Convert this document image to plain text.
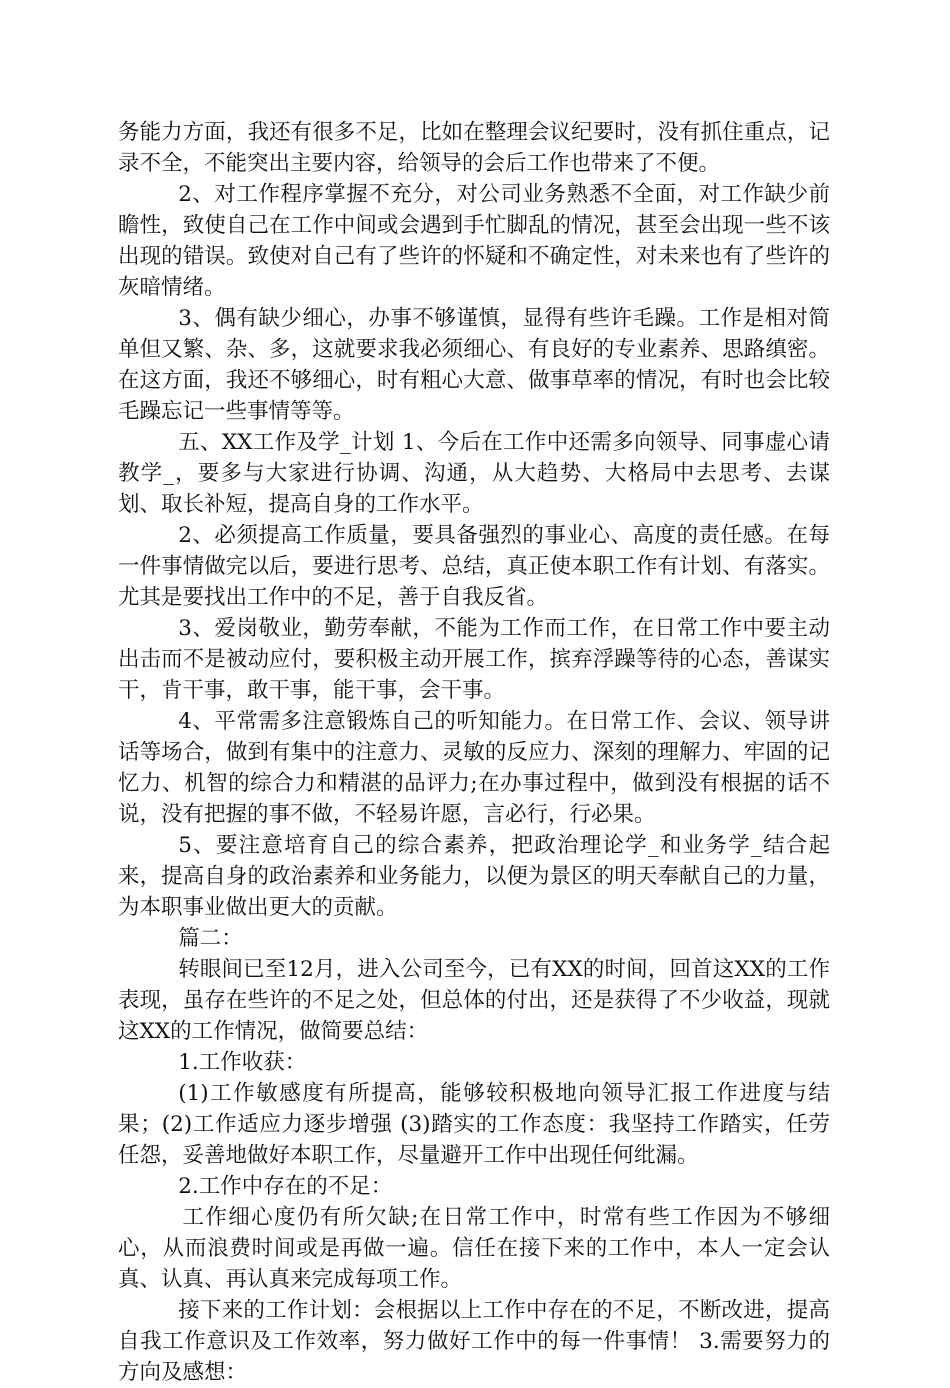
务能力方面，我还有很多不足，比如在整理会议纪要时，没有抓住重点，记录不全，不能突出主要内容，给领导的会后工作也带来了不便。

2、对工作程序掌握不充分，对公司业务熟悉不全面，对工作缺少前瞻性，致使自己在工作中间或会遇到手忙脚乱的情况，甚至会出现一些不该出现的错误。致使对自己有了些许的怀疑和不确定性，对未来也有了些许的灰暗情绪。

3、偶有缺少细心，办事不够谨慎，显得有些许毛躁。工作是相对简单但又繁、杂、多，这就要求我必须细心、有良好的专业素养、思路缜密。在这方面，我还不够细心，时有粗心大意、做事草率的情况，有时也会比较毛躁忘记一些事情等等。

五、XX工作及学_计划 1、今后在工作中还需多向领导、同事虚心请教学_，要多与大家进行协调、沟通，从大趋势、大格局中去思考、去谋划、取长补短，提高自身的工作水平。

2、必须提高工作质量，要具备强烈的事业心、高度的责任感。在每一件事情做完以后，要进行思考、总结，真正使本职工作有计划、有落实。尤其是要找出工作中的不足，善于自我反省。

3、爱岗敬业，勤劳奉献，不能为工作而工作，在日常工作中要主动出击而不是被动应付，要积极主动开展工作，摈弃浮躁等待的心态，善谋实干，肯干事，敢干事，能干事，会干事。

4、平常需多注意锻炼自己的听知能力。在日常工作、会议、领导讲话等场合，做到有集中的注意力、灵敏的反应力、深刻的理解力、牢固的记忆力、机智的综合力和精湛的品评力;在办事过程中，做到没有根据的话不说，没有把握的事不做，不轻易许愿，言必行，行必果。

5、要注意培育自己的综合素养，把政治理论学_和业务学_结合起来，提高自身的政治素养和业务能力，以便为景区的明天奉献自己的力量，为本职事业做出更大的贡献。

篇二：

转眼间已至12月，进入公司至今，已有XX的时间，回首这XX的工作表现，虽存在些许的不足之处，但总体的付出，还是获得了不少收益，现就这XX的工作情况，做简要总结：

1.工作收获：

(1)工作敏感度有所提高，能够较积极地向领导汇报工作进度与结果；(2)工作适应力逐步增强 (3)踏实的工作态度：我坚持工作踏实，任劳任怨，妥善地做好本职工作，尽量避开工作中出现任何纰漏。

2.工作中存在的不足：

工作细心度仍有所欠缺;在日常工作中，时常有些工作因为不够细心，从而浪费时间或是再做一遍。信任在接下来的工作中，本人一定会认真、认真、再认真来完成每项工作。

接下来的工作计划：会根据以上工作中存在的不足，不断改进，提高自我工作意识及工作效率，努力做好工作中的每一件事情！ 3.需要努力的方向及感想：
